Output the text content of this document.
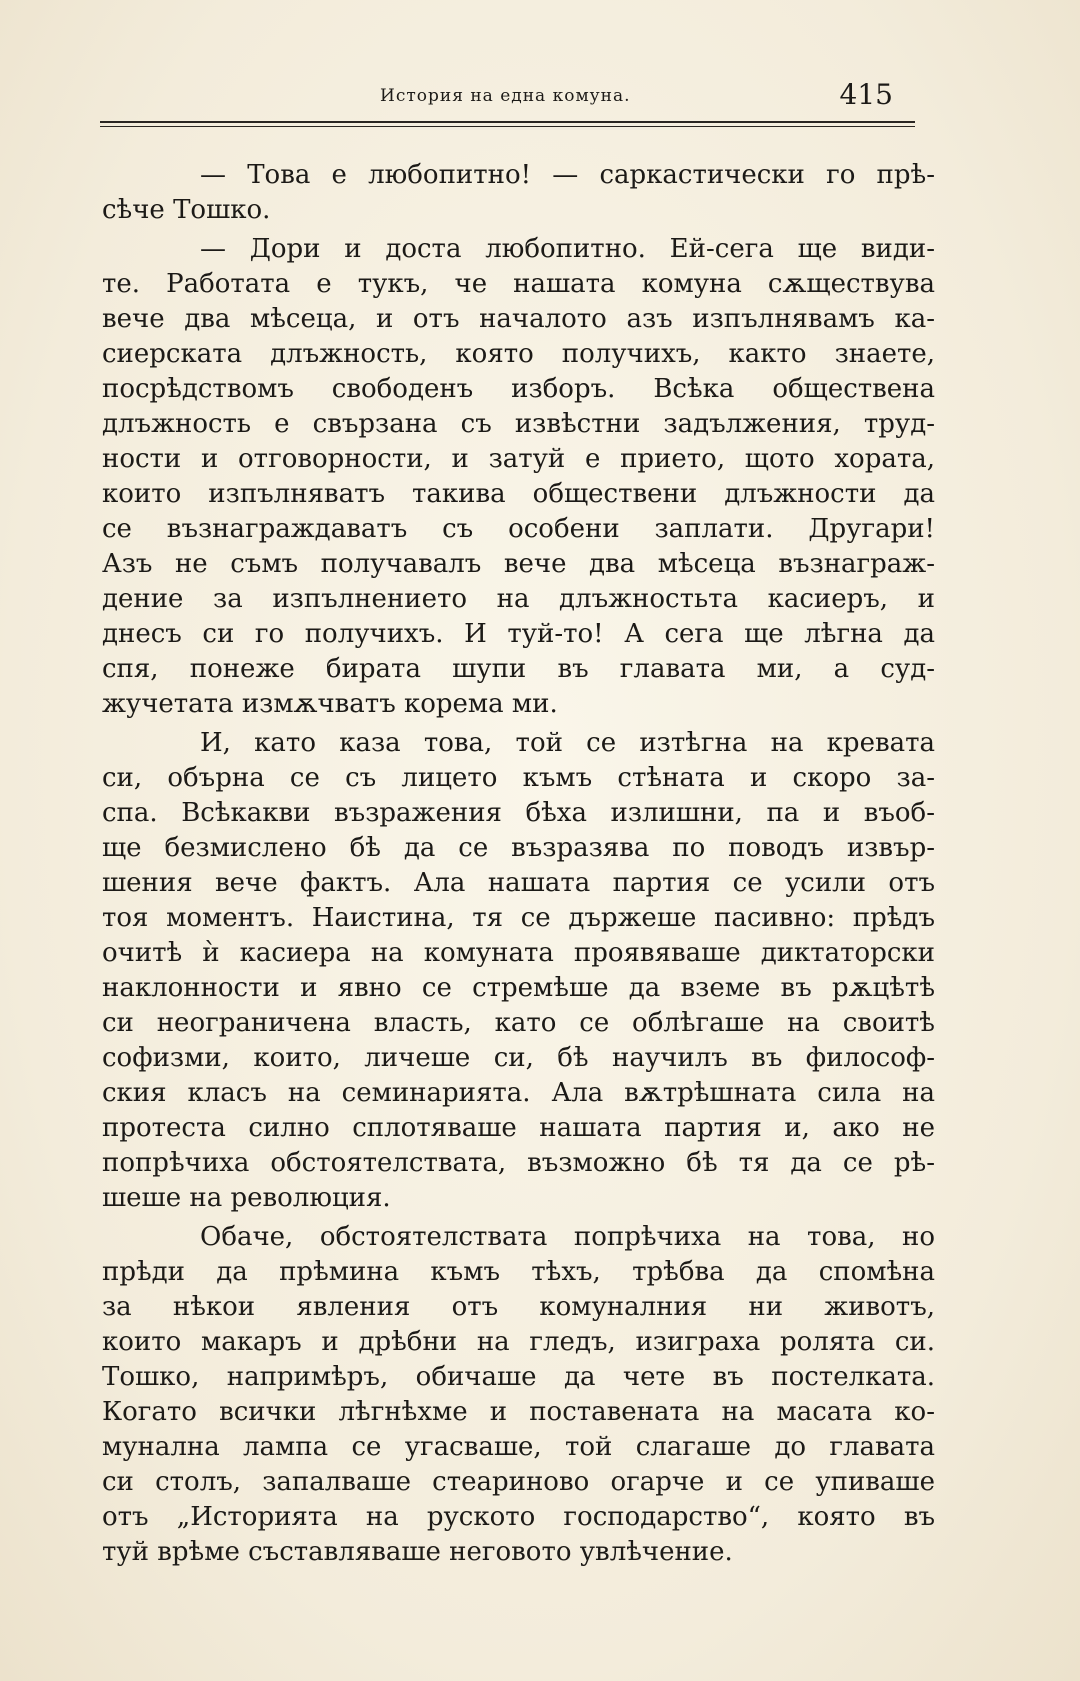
История на една комуна.	415
— Това е любопитно! — саркастически го прѣ-
сѣче Тошко.
— Дори и доста любопитно. Ей-сега ще види-
те. Работата е тукъ, че нашата комуна сѫществува
вече два мѣсеца, и отъ началото азъ изпълнявамъ ка-
сиерската длъжность, която получихъ, както знаете,
посрѣдствомъ свободенъ изборъ. Всѣка обществена
длъжность е свързана съ извѣстни задължения, труд-
ности и отговорности, и затуй е прието, щото хората,
които изпълняватъ такива обществени длъжности да
се възнаграждаватъ съ особени заплати. Другари!
Азъ не съмъ получавалъ вече два мѣсеца възнаграж-
дение за изпълнението на длъжностьта касиеръ, и
днесъ си го получихъ. И туй-то! А сега ще лѣгна да
спя, понеже бирата шупи въ главата ми, а суд-
жучетата измѫчватъ корема ми.
И, като каза това, той се изтѣгна на кревата
си, обърна се съ лицето къмъ стѣната и скоро за-
спа. Всѣкакви възражения бѣха излишни, па и въоб-
ще безмислено бѣ да се възразява по поводъ извър-
шения вече фактъ. Ала нашата партия се усили отъ
тоя моментъ. Наистина, тя се държеше пасивно: прѣдъ
очитѣ ѝ касиера на комуната проявяваше диктаторски
наклонности и явно се стремѣше да вземе въ рѫцѣтѣ
си неограничена власть, като се облѣгаше на своитѣ
софизми, които, личеше си, бѣ научилъ въ философ-
ския класъ на семинарията. Ала вѫтрѣшната сила на
протеста силно сплотяваше нашата партия и, ако не
попрѣчиха обстоятелствата, възможно бѣ тя да се рѣ-
шеше на революция.
Обаче, обстоятелствата попрѣчиха на това, но
прѣди да прѣмина къмъ тѣхъ, трѣбва да спомѣна
за нѣкои явления отъ комуналния ни животъ,
които макаръ и дрѣбни на гледъ, изиграха ролята си.
Тошко, напримѣръ, обичаше да чете въ постелката.
Когато всички лѣгнѣхме и поставената на масата ко-
мунална лампа се угасваше, той слагаше до главата
си столъ, запалваше стеариново огарче и се упиваше
отъ „Историята на руското господарство“, която въ
туй врѣме съставляваше неговото увлѣчение.
